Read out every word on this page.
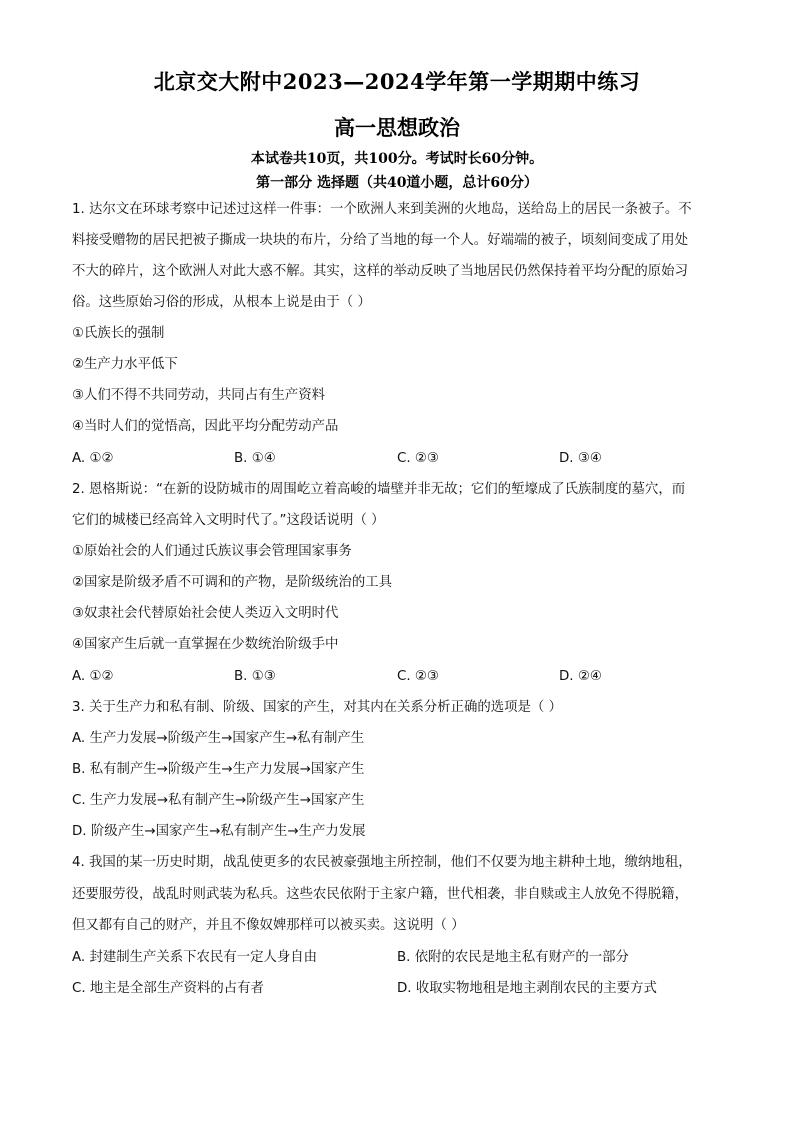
北京交大附中2023—2024学年第一学期期中练习
高一思想政治
本试卷共10页，共100分。考试时长60分钟。
第一部分 选择题（共40道小题，总计60分）
1. 达尔文在环球考察中记述过这样一件事：一个欧洲人来到美洲的火地岛，送给岛上的居民一条被子。不
料接受赠物的居民把被子撕成一块块的布片，分给了当地的每一个人。好端端的被子，顷刻间变成了用处
不大的碎片，这个欧洲人对此大惑不解。其实，这样的举动反映了当地居民仍然保持着平均分配的原始习
俗。这些原始习俗的形成，从根本上说是由于（ ）
①氏族长的强制
②生产力水平低下
③人们不得不共同劳动，共同占有生产资料
④当时人们的觉悟高，因此平均分配劳动产品
A. ①②	B. ①④	C. ②③	D. ③④
2. 恩格斯说：“在新的设防城市的周围屹立着高峻的墙壁并非无故；它们的堑壕成了氏族制度的墓穴，而
它们的城楼已经高耸入文明时代了。”这段话说明（ ）
①原始社会的人们通过氏族议事会管理国家事务
②国家是阶级矛盾不可调和的产物，是阶级统治的工具
③奴隶社会代替原始社会使人类迈入文明时代
④国家产生后就一直掌握在少数统治阶级手中
A. ①②	B. ①③	C. ②③	D. ②④
3. 关于生产力和私有制、阶级、国家的产生，对其内在关系分析正确的选项是（ ）
A. 生产力发展→阶级产生→国家产生→私有制产生
B. 私有制产生→阶级产生→生产力发展→国家产生
C. 生产力发展→私有制产生→阶级产生→国家产生
D. 阶级产生→国家产生→私有制产生→生产力发展
4. 我国的某一历史时期，战乱使更多的农民被豪强地主所控制，他们不仅要为地主耕种土地，缴纳地租，
还要服劳役，战乱时则武装为私兵。这些农民依附于主家户籍，世代相袭，非自赎或主人放免不得脱籍，
但又都有自己的财产，并且不像奴婢那样可以被买卖。这说明（ ）
A. 封建制生产关系下农民有一定人身自由	B. 依附的农民是地主私有财产的一部分
C. 地主是全部生产资料的占有者	D. 收取实物地租是地主剥削农民的主要方式
